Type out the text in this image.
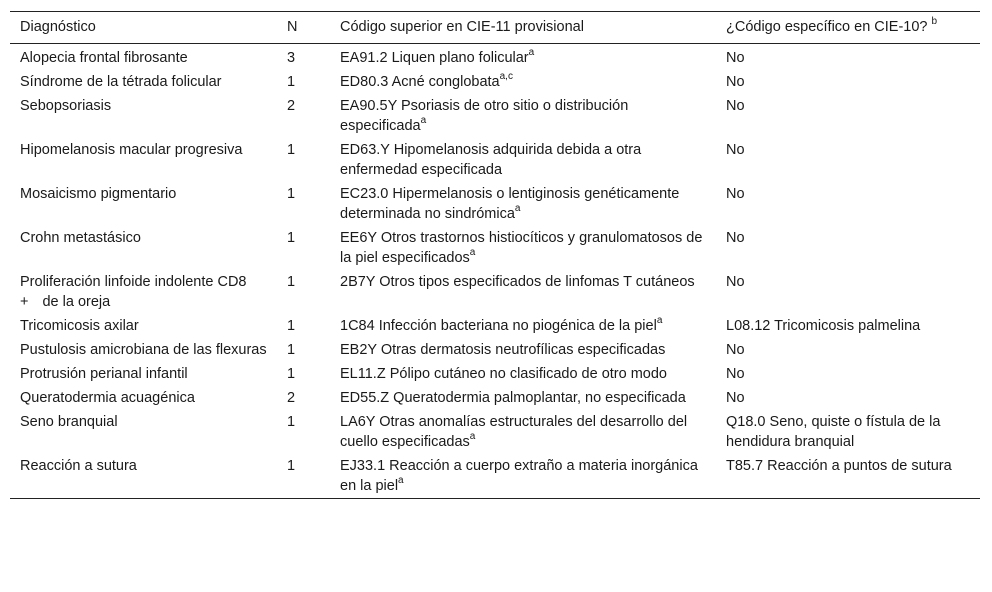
Diagnóstico	N	Código superior en CIE-11 provisional	¿Código específico en CIE-10? $^b$
Alopecia frontal fibrosante	3	EA91.2 Liquen plano folicular$^a$	No
Síndrome de la tétrada folicular	1	ED80.3 Acné conglobata$^{a,c}$	No
Sebopsoriasis	2	EA90.5Y Psoriasis de otro sitio o distribución especificada$^a$	No
Hipomelanosis macular progresiva	1	ED63.Y Hipomelanosis adquirida debida a otra enfermedad especificada	No
Mosaicismo pigmentario	1	EC23.0 Hipermelanosis o lentiginosis genéticamente determinada no sindrómica$^a$	No
Crohn metastásico	1	EE6Y Otros trastornos histiocíticos y granulomatosos de la piel especificados$^a$	No
Proliferación linfoide indolente CD8+ de la oreja	1	2B7Y Otros tipos especificados de linfomas T cutáneos	No
Tricomicosis axilar	1	1C84 Infección bacteriana no piogénica de la piel$^a$	L08.12 Tricomicosis palmelina
Pustulosis amicrobiana de las flexuras	1	EB2Y Otras dermatosis neutrofílicas especificadas	No
Protrusión perianal infantil	1	EL11.Z Pólipo cutáneo no clasificado de otro modo	No
Queratodermia acuagénica	2	ED55.Z Queratodermia palmoplantar, no especificada	No
Seno branquial	1	LA6Y Otras anomalías estructurales del desarrollo del cuello especificadas$^a$	Q18.0 Seno, quiste o fístula de la hendidura branquial
Reacción a sutura	1	EJ33.1 Reacción a cuerpo extraño a materia inorgánica en la piel$^a$	T85.7 Reacción a puntos de sutura
